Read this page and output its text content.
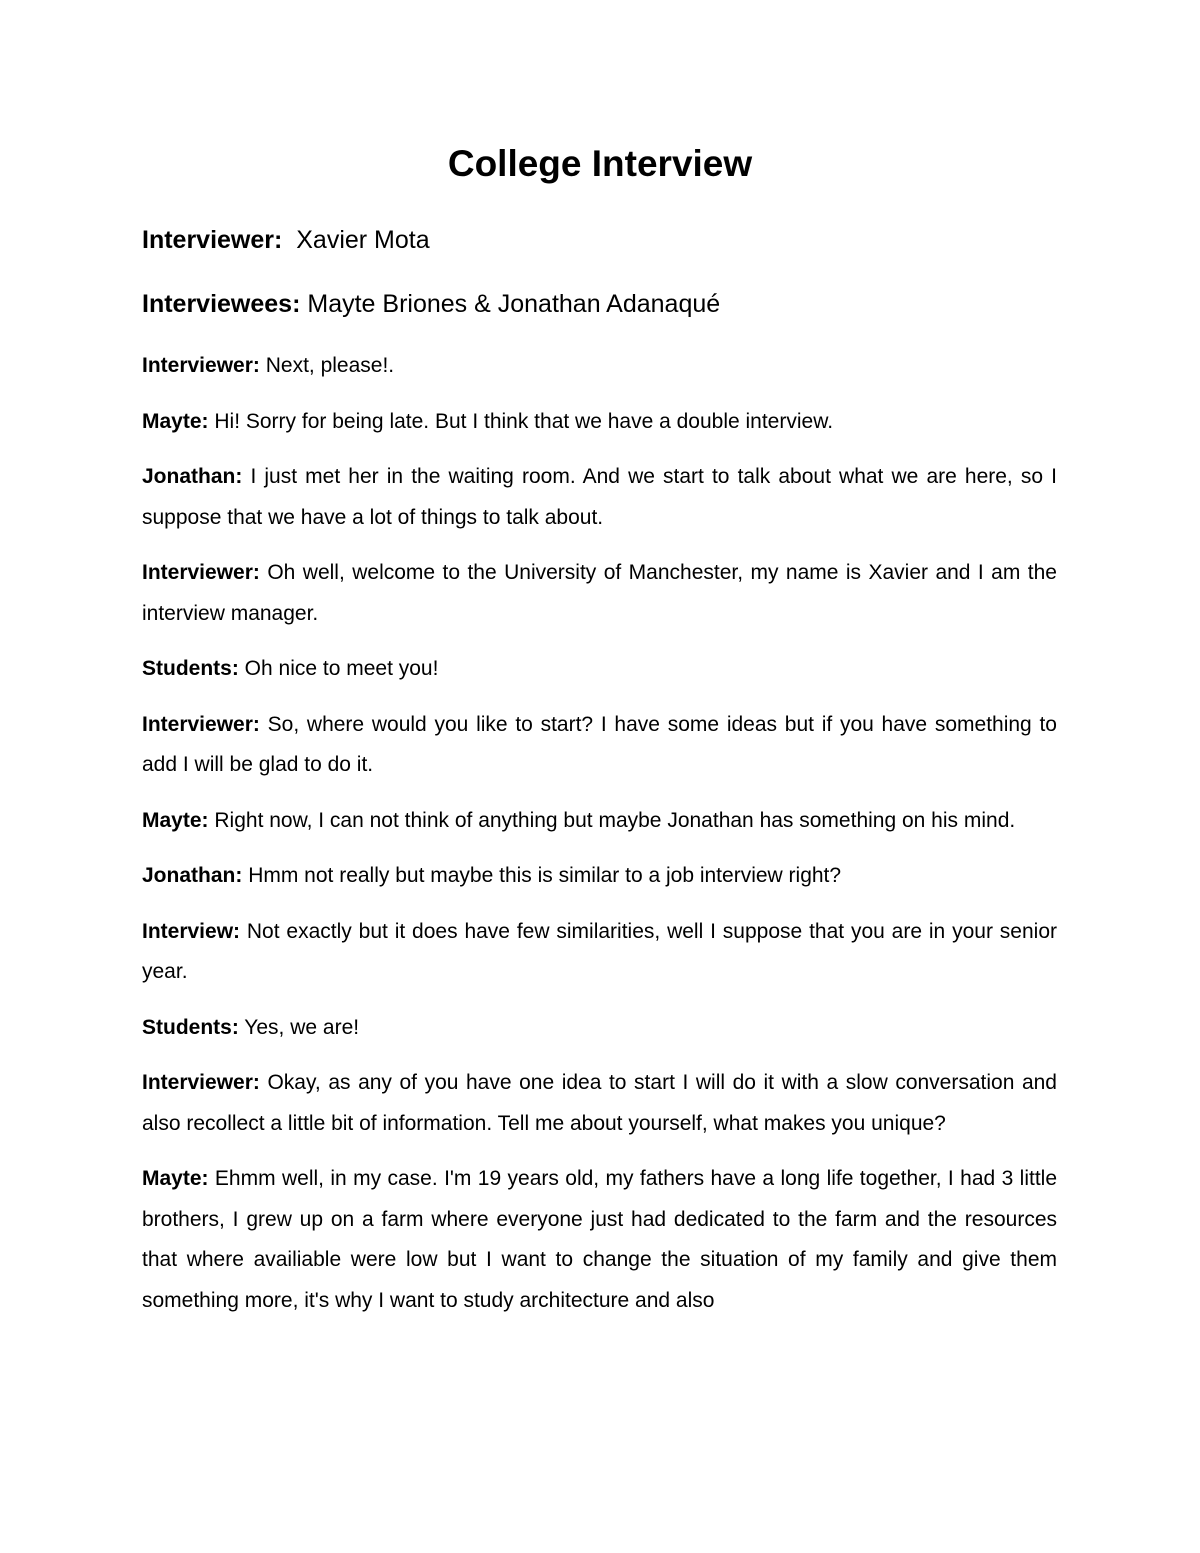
College Interview

Interviewer: Xavier Mota

Interviewees: Mayte Briones & Jonathan Adanaqué

Interviewer: Next, please!.

Mayte: Hi! Sorry for being late. But I think that we have a double interview.

Jonathan: I just met her in the waiting room. And we start to talk about what we are here, so I suppose that we have a lot of things to talk about.

Interviewer: Oh well, welcome to the University of Manchester, my name is Xavier and I am the interview manager.

Students: Oh nice to meet you!

Interviewer: So, where would you like to start? I have some ideas but if you have something to add I will be glad to do it.

Mayte: Right now, I can not think of anything but maybe Jonathan has something on his mind.

Jonathan: Hmm not really but maybe this is similar to a job interview right?

Interview: Not exactly but it does have few similarities, well I suppose that you are in your senior year.

Students: Yes, we are!

Interviewer: Okay, as any of you have one idea to start I will do it with a slow conversation and also recollect a little bit of information. Tell me about yourself, what makes you unique?

Mayte: Ehmm well, in my case. I'm 19 years old, my fathers have a long life together, I had 3 little brothers, I grew up on a farm where everyone just had dedicated to the farm and the resources that where availiable were low but I want to change the situation of my family and give them something more, it's why I want to study architecture and also
